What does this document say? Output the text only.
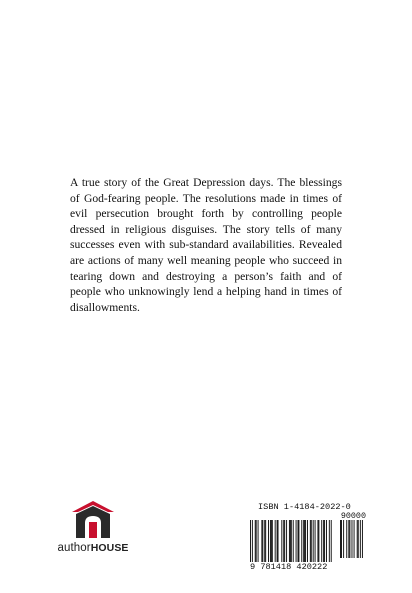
A true story of the Great Depression days. The blessings of God-fearing people. The resolutions made in times of evil persecution brought forth by controlling people dressed in religious disguises. The story tells of many successes even with sub-standard availabilities. Revealed are actions of many well meaning people who succeed in tearing down and destroying a person’s faith and of people who unknowingly lend a helping hand in times of disallowments.

authorHOUSE
ISBN 1-4184-2022-0
90000
9 781418 420222
